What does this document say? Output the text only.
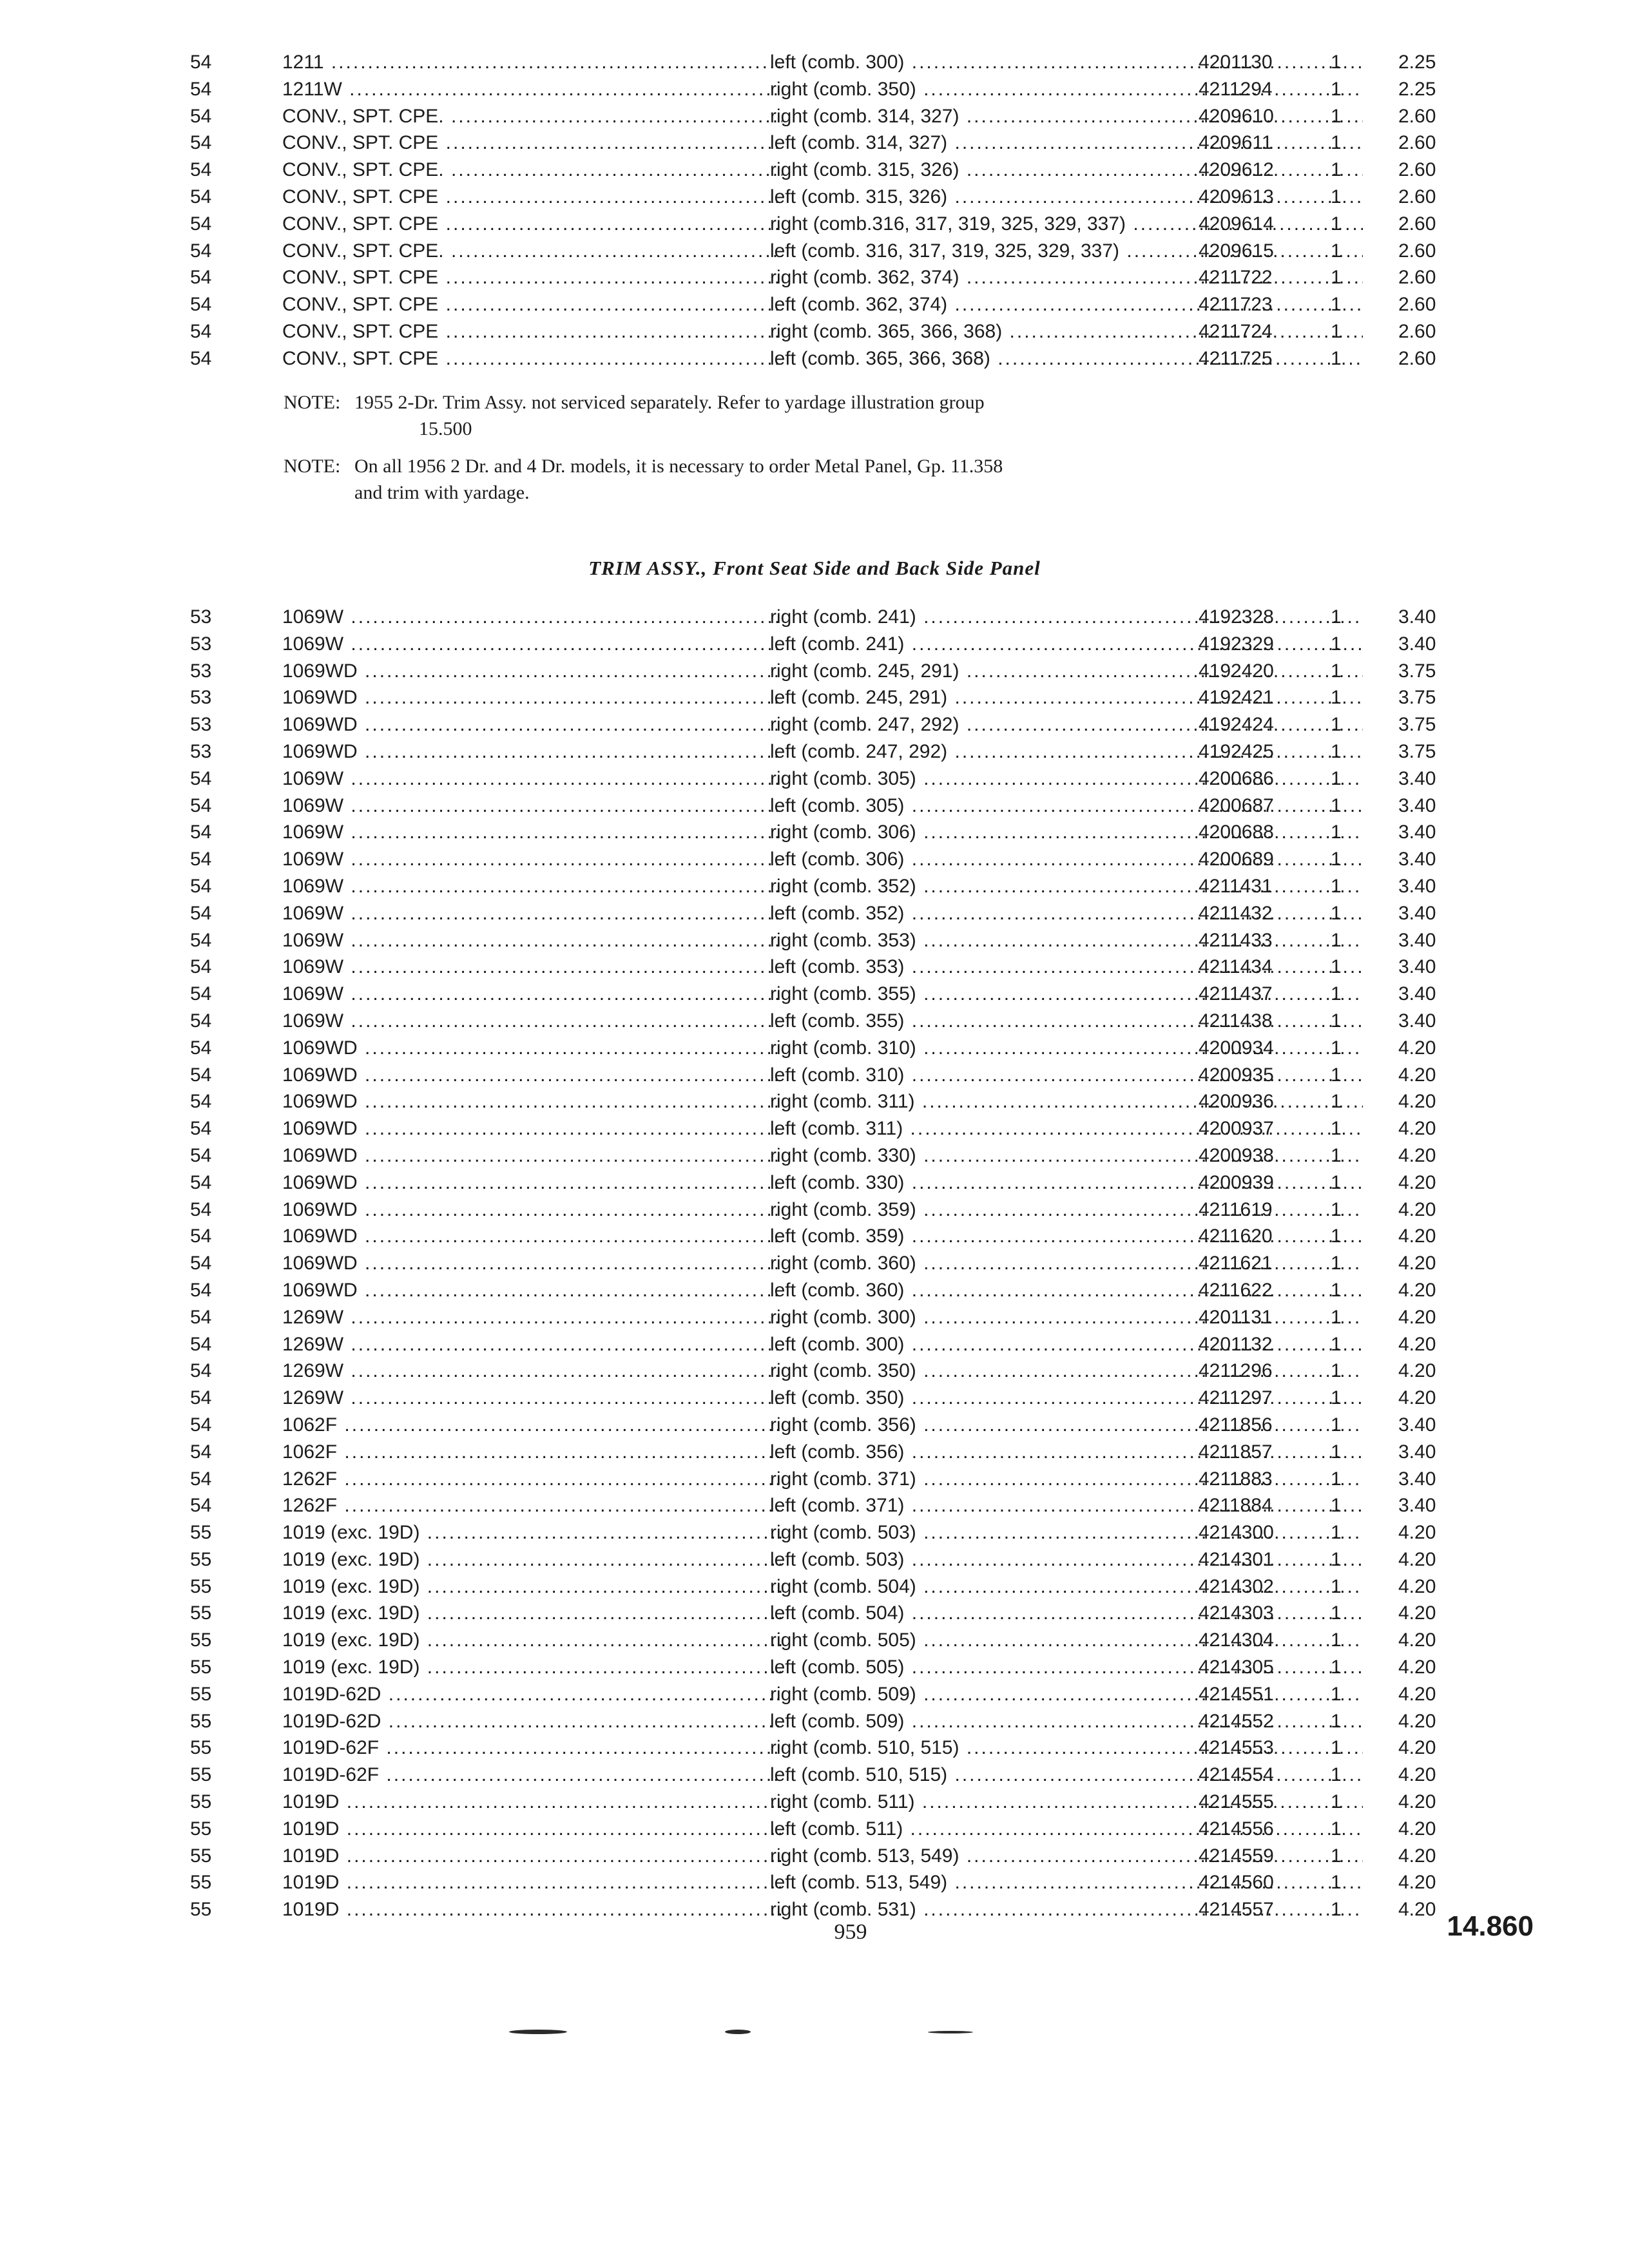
54	1211 .....	left (comb. 300) .....	4201130	1	2.25
54	1211W .....	right (comb. 350) .....	4211294	1	2.25
54	CONV., SPT. CPE. .....	right (comb. 314, 327) .....	4209610	1	2.60
54	CONV., SPT. CPE .....	left (comb. 314, 327) .....	4209611	1	2.60
54	CONV., SPT. CPE. .....	right (comb. 315, 326) .....	4209612	1	2.60
54	CONV., SPT. CPE .....	left (comb. 315, 326) .....	4209613	1	2.60
54	CONV., SPT. CPE .....	right (comb.316, 317, 319, 325, 329, 337) .....	4209614	1	2.60
54	CONV., SPT. CPE. .....	left (comb. 316, 317, 319, 325, 329, 337) .....	4209615	1	2.60
54	CONV., SPT. CPE .....	right (comb. 362, 374) .....	4211722	1	2.60
54	CONV., SPT. CPE .....	left (comb. 362, 374) .....	4211723	1	2.60
54	CONV., SPT. CPE .....	right (comb. 365, 366, 368) .....	4211724	1	2.60
54	CONV., SPT. CPE .....	left (comb. 365, 366, 368) .....	4211725	1	2.60
NOTE: 1955 2-Dr. Trim Assy. not serviced separately. Refer to yardage illustration group
15.500
NOTE: On all 1956 2 Dr. and 4 Dr. models, it is necessary to order Metal Panel, Gp. 11.358
and trim with yardage.
TRIM ASSY., Front Seat Side and Back Side Panel
53	1069W .....	right (comb. 241) .....	4192328	1	3.40
53	1069W .....	left (comb. 241) .....	4192329	1	3.40
53	1069WD .....	right (comb. 245, 291) .....	4192420	1	3.75
53	1069WD .....	left (comb. 245, 291) .....	4192421	1	3.75
53	1069WD .....	right (comb. 247, 292) .....	4192424	1	3.75
53	1069WD .....	left (comb. 247, 292) .....	4192425	1	3.75
54	1069W .....	right (comb. 305) .....	4200686	1	3.40
54	1069W .....	left (comb. 305) .....	4200687	1	3.40
54	1069W .....	right (comb. 306) .....	4200688	1	3.40
54	1069W .....	left (comb. 306) .....	4200689	1	3.40
54	1069W .....	right (comb. 352) .....	4211431	1	3.40
54	1069W .....	left (comb. 352) .....	4211432	1	3.40
54	1069W .....	right (comb. 353) .....	4211433	1	3.40
54	1069W .....	left (comb. 353) .....	4211434	1	3.40
54	1069W .....	right (comb. 355) .....	4211437	1	3.40
54	1069W .....	left (comb. 355) .....	4211438	1	3.40
54	1069WD .....	right (comb. 310) .....	4200934	1	4.20
54	1069WD .....	left (comb. 310) .....	4200935	1	4.20
54	1069WD .....	right (comb. 311) .....	4200936	1	4.20
54	1069WD .....	left (comb. 311) .....	4200937	1	4.20
54	1069WD .....	right (comb. 330) .....	4200938	1	4.20
54	1069WD .....	left (comb. 330) .....	4200939	1	4.20
54	1069WD .....	right (comb. 359) .....	4211619	1	4.20
54	1069WD .....	left (comb. 359) .....	4211620	1	4.20
54	1069WD .....	right (comb. 360) .....	4211621	1	4.20
54	1069WD .....	left (comb. 360) .....	4211622	1	4.20
54	1269W .....	right (comb. 300) .....	4201131	1	4.20
54	1269W .....	left (comb. 300) .....	4201132	1	4.20
54	1269W .....	right (comb. 350) .....	4211296	1	4.20
54	1269W .....	left (comb. 350) .....	4211297	1	4.20
54	1062F .....	right (comb. 356) .....	4211856	1	3.40
54	1062F .....	left (comb. 356) .....	4211857	1	3.40
54	1262F .....	right (comb. 371) .....	4211883	1	3.40
54	1262F .....	left (comb. 371) .....	4211884	1	3.40
55	1019 (exc. 19D) .....	right (comb. 503) .....	4214300	1	4.20
55	1019 (exc. 19D) .....	left (comb. 503) .....	4214301	1	4.20
55	1019 (exc. 19D) .....	right (comb. 504) .....	4214302	1	4.20
55	1019 (exc. 19D) .....	left (comb. 504) .....	4214303	1	4.20
55	1019 (exc. 19D) .....	right (comb. 505) .....	4214304	1	4.20
55	1019 (exc. 19D) .....	left (comb. 505) .....	4214305	1	4.20
55	1019D-62D .....	right (comb. 509) .....	4214551	1	4.20
55	1019D-62D .....	left (comb. 509) .....	4214552	1	4.20
55	1019D-62F .....	right (comb. 510, 515) .....	4214553	1	4.20
55	1019D-62F .....	left (comb. 510, 515) .....	4214554	1	4.20
55	1019D .....	right (comb. 511) .....	4214555	1	4.20
55	1019D .....	left (comb. 511) .....	4214556	1	4.20
55	1019D .....	right (comb. 513, 549) .....	4214559	1	4.20
55	1019D .....	left (comb. 513, 549) .....	4214560	1	4.20
55	1019D .....	right (comb. 531) .....	4214557	1	4.20
959	14.860
